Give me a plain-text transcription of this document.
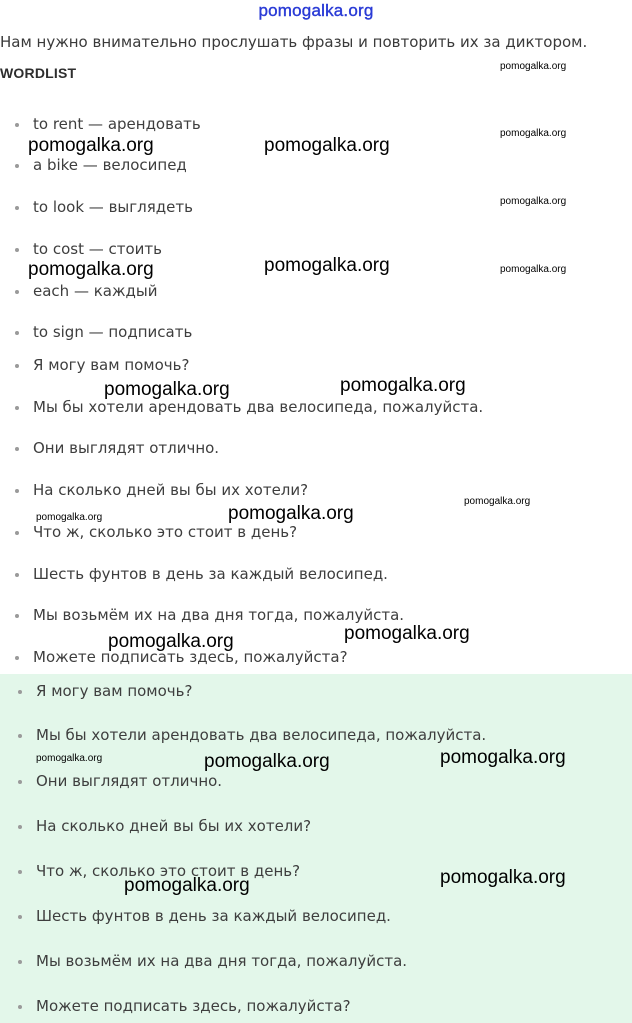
pomogalka.org
Нам нужно внимательно прослушать фразы и повторить их за диктором.
WORDLIST
to rent — арендовать
a bike — велосипед
to look — выглядеть
to cost — стоить
each — каждый
to sign — подписать
Я могу вам помочь?
Мы бы хотели арендовать два велосипеда, пожалуйста.
Они выглядят отлично.
На сколько дней вы бы их хотели?
Что ж, сколько это стоит в день?
Шесть фунтов в день за каждый велосипед.
Мы возьмём их на два дня тогда, пожалуйста.
Можете подписать здесь, пожалуйста?
Я могу вам помочь?
Мы бы хотели арендовать два велосипеда, пожалуйста.
Они выглядят отлично.
На сколько дней вы бы их хотели?
Что ж, сколько это стоит в день?
Шесть фунтов в день за каждый велосипед.
Мы возьмём их на два дня тогда, пожалуйста.
Можете подписать здесь, пожалуйста?
pomogalka.org
pomogalka.org
pomogalka.org	pomogalka.org
pomogalka.org
pomogalka.org
pomogalka.org	pomogalka.org
pomogalka.org
pomogalka.org
pomogalka.org
pomogalka.org
pomogalka.org
pomogalka.org
pomogalka.org
pomogalka.org	pomogalka.org
pomogalka.org
pomogalka.org
pomogalka.org
